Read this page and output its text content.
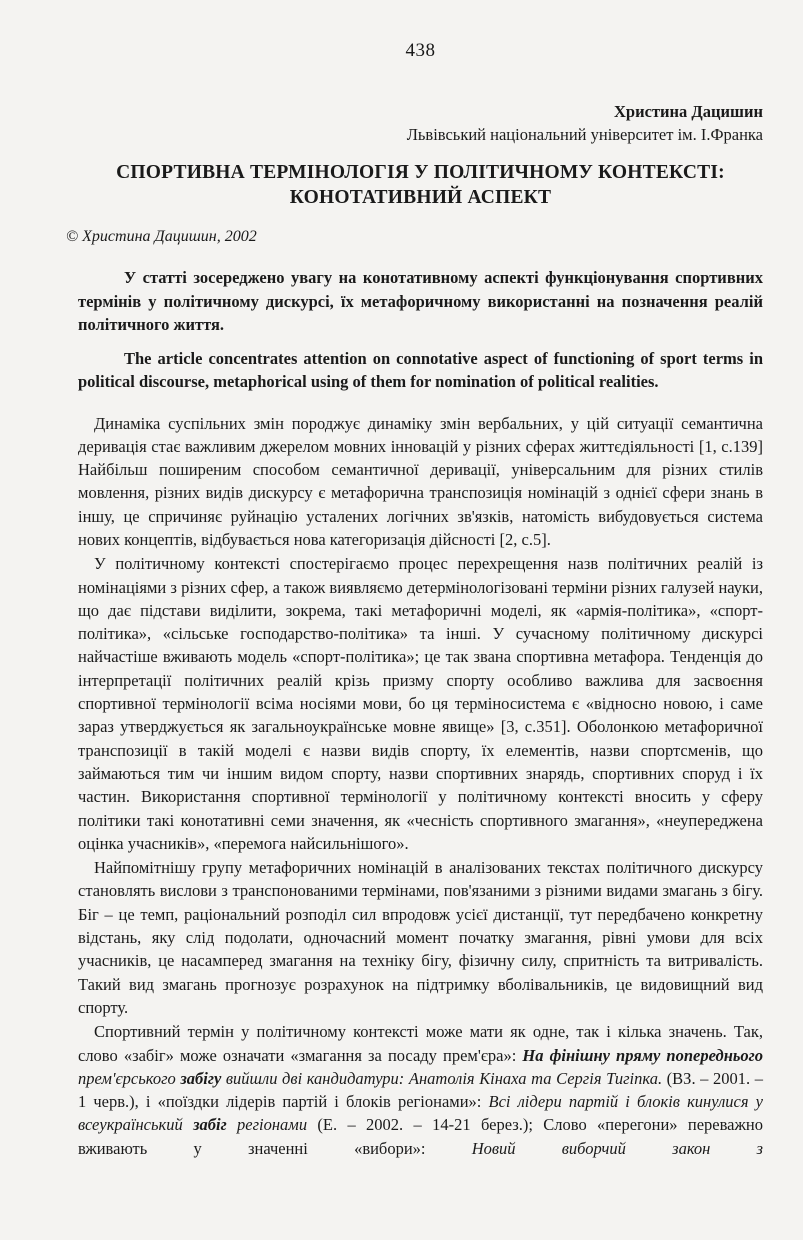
438
Христина Дацишин
Львівський національний університет ім. І.Франка
СПОРТИВНА ТЕРМІНОЛОГІЯ У ПОЛІТИЧНОМУ КОНТЕКСТІ:
КОНОТАТИВНИЙ АСПЕКТ
© Христина Дацишин, 2002

У статті зосереджено увагу на конотативному аспекті функціонування спортивних термінів у політичному дискурсі, їх метафоричному використанні на позначення реалій політичного життя.

The article concentrates attention on connotative aspect of functioning of sport terms in political discourse, metaphorical using of them for nomination of political realities.

Динаміка суспільних змін породжує динаміку змін вербальних, у цій ситуації семантична деривація стає важливим джерелом мовних інновацій у різних сферах життєдіяльності [1, с.139] Найбільш поширеним способом семантичної деривації, універсальним для різних стилів мовлення, різних видів дискурсу є метафорична транспозиція номінацій з однієї сфери знань в іншу, це спричиняє руйнацію усталених логічних зв'язків, натомість вибудовується система нових концептів, відбувається нова категоризація дійсності [2, с.5].

У політичному контексті спостерігаємо процес перехрещення назв політичних реалій із номінаціями з різних сфер, а також виявляємо детермінологізовані терміни різних галузей науки, що дає підстави виділити, зокрема, такі метафоричні моделі, як «армія-політика», «спорт-політика», «сільське господарство-політика» та інші. У сучасному політичному дискурсі найчастіше вживають модель «спорт-політика»; це так звана спортивна метафора. Тенденція до інтерпретації політичних реалій крізь призму спорту особливо важлива для засвоєння спортивної термінології всіма носіями мови, бо ця терміносистема є «відносно новою, і саме зараз утверджується як загальноукраїнське мовне явище» [3, с.351]. Оболонкою метафоричної транспозиції в такій моделі є назви видів спорту, їх елементів, назви спортсменів, що займаються тим чи іншим видом спорту, назви спортивних знарядь, спортивних споруд і їх частин. Використання спортивної термінології у політичному контексті вносить у сферу політики такі конотативні семи значення, як «чесність спортивного змагання», «неупереджена оцінка учасників», «перемога найсильнішого».

Найпомітнішу групу метафоричних номінацій в аналізованих текстах політичного дискурсу становлять вислови з транспонованими термінами, пов'язаними з різними видами змагань з бігу. Біг – це темп, раціональний розподіл сил впродовж усієї дистанції, тут передбачено конкретну відстань, яку слід подолати, одночасний момент початку змагання, рівні умови для всіх учасників, це насамперед змагання на техніку бігу, фізичну силу, спритність та витривалість. Такий вид змагань прогнозує розрахунок на підтримку вболівальників, це видовищний вид спорту.

Спортивний термін у політичному контексті може мати як одне, так і кілька значень. Так, слово «забіг» може означати «змагання за посаду прем'єра»: На фінішну пряму попереднього прем'єрського забігу вийшли дві кандидатури: Анатолія Кінаха та Сергія Тигіпка. (ВЗ. – 2001. – 1 черв.), і «поїздки лідерів партій і блоків регіонами»: Всі лідери партій і блоків кинулися у всеукраїнський забіг регіонами (Е. – 2002. – 14-21 берез.); Слово «перегони» переважно вживають у значенні «вибори»: Новий виборчий закон з
